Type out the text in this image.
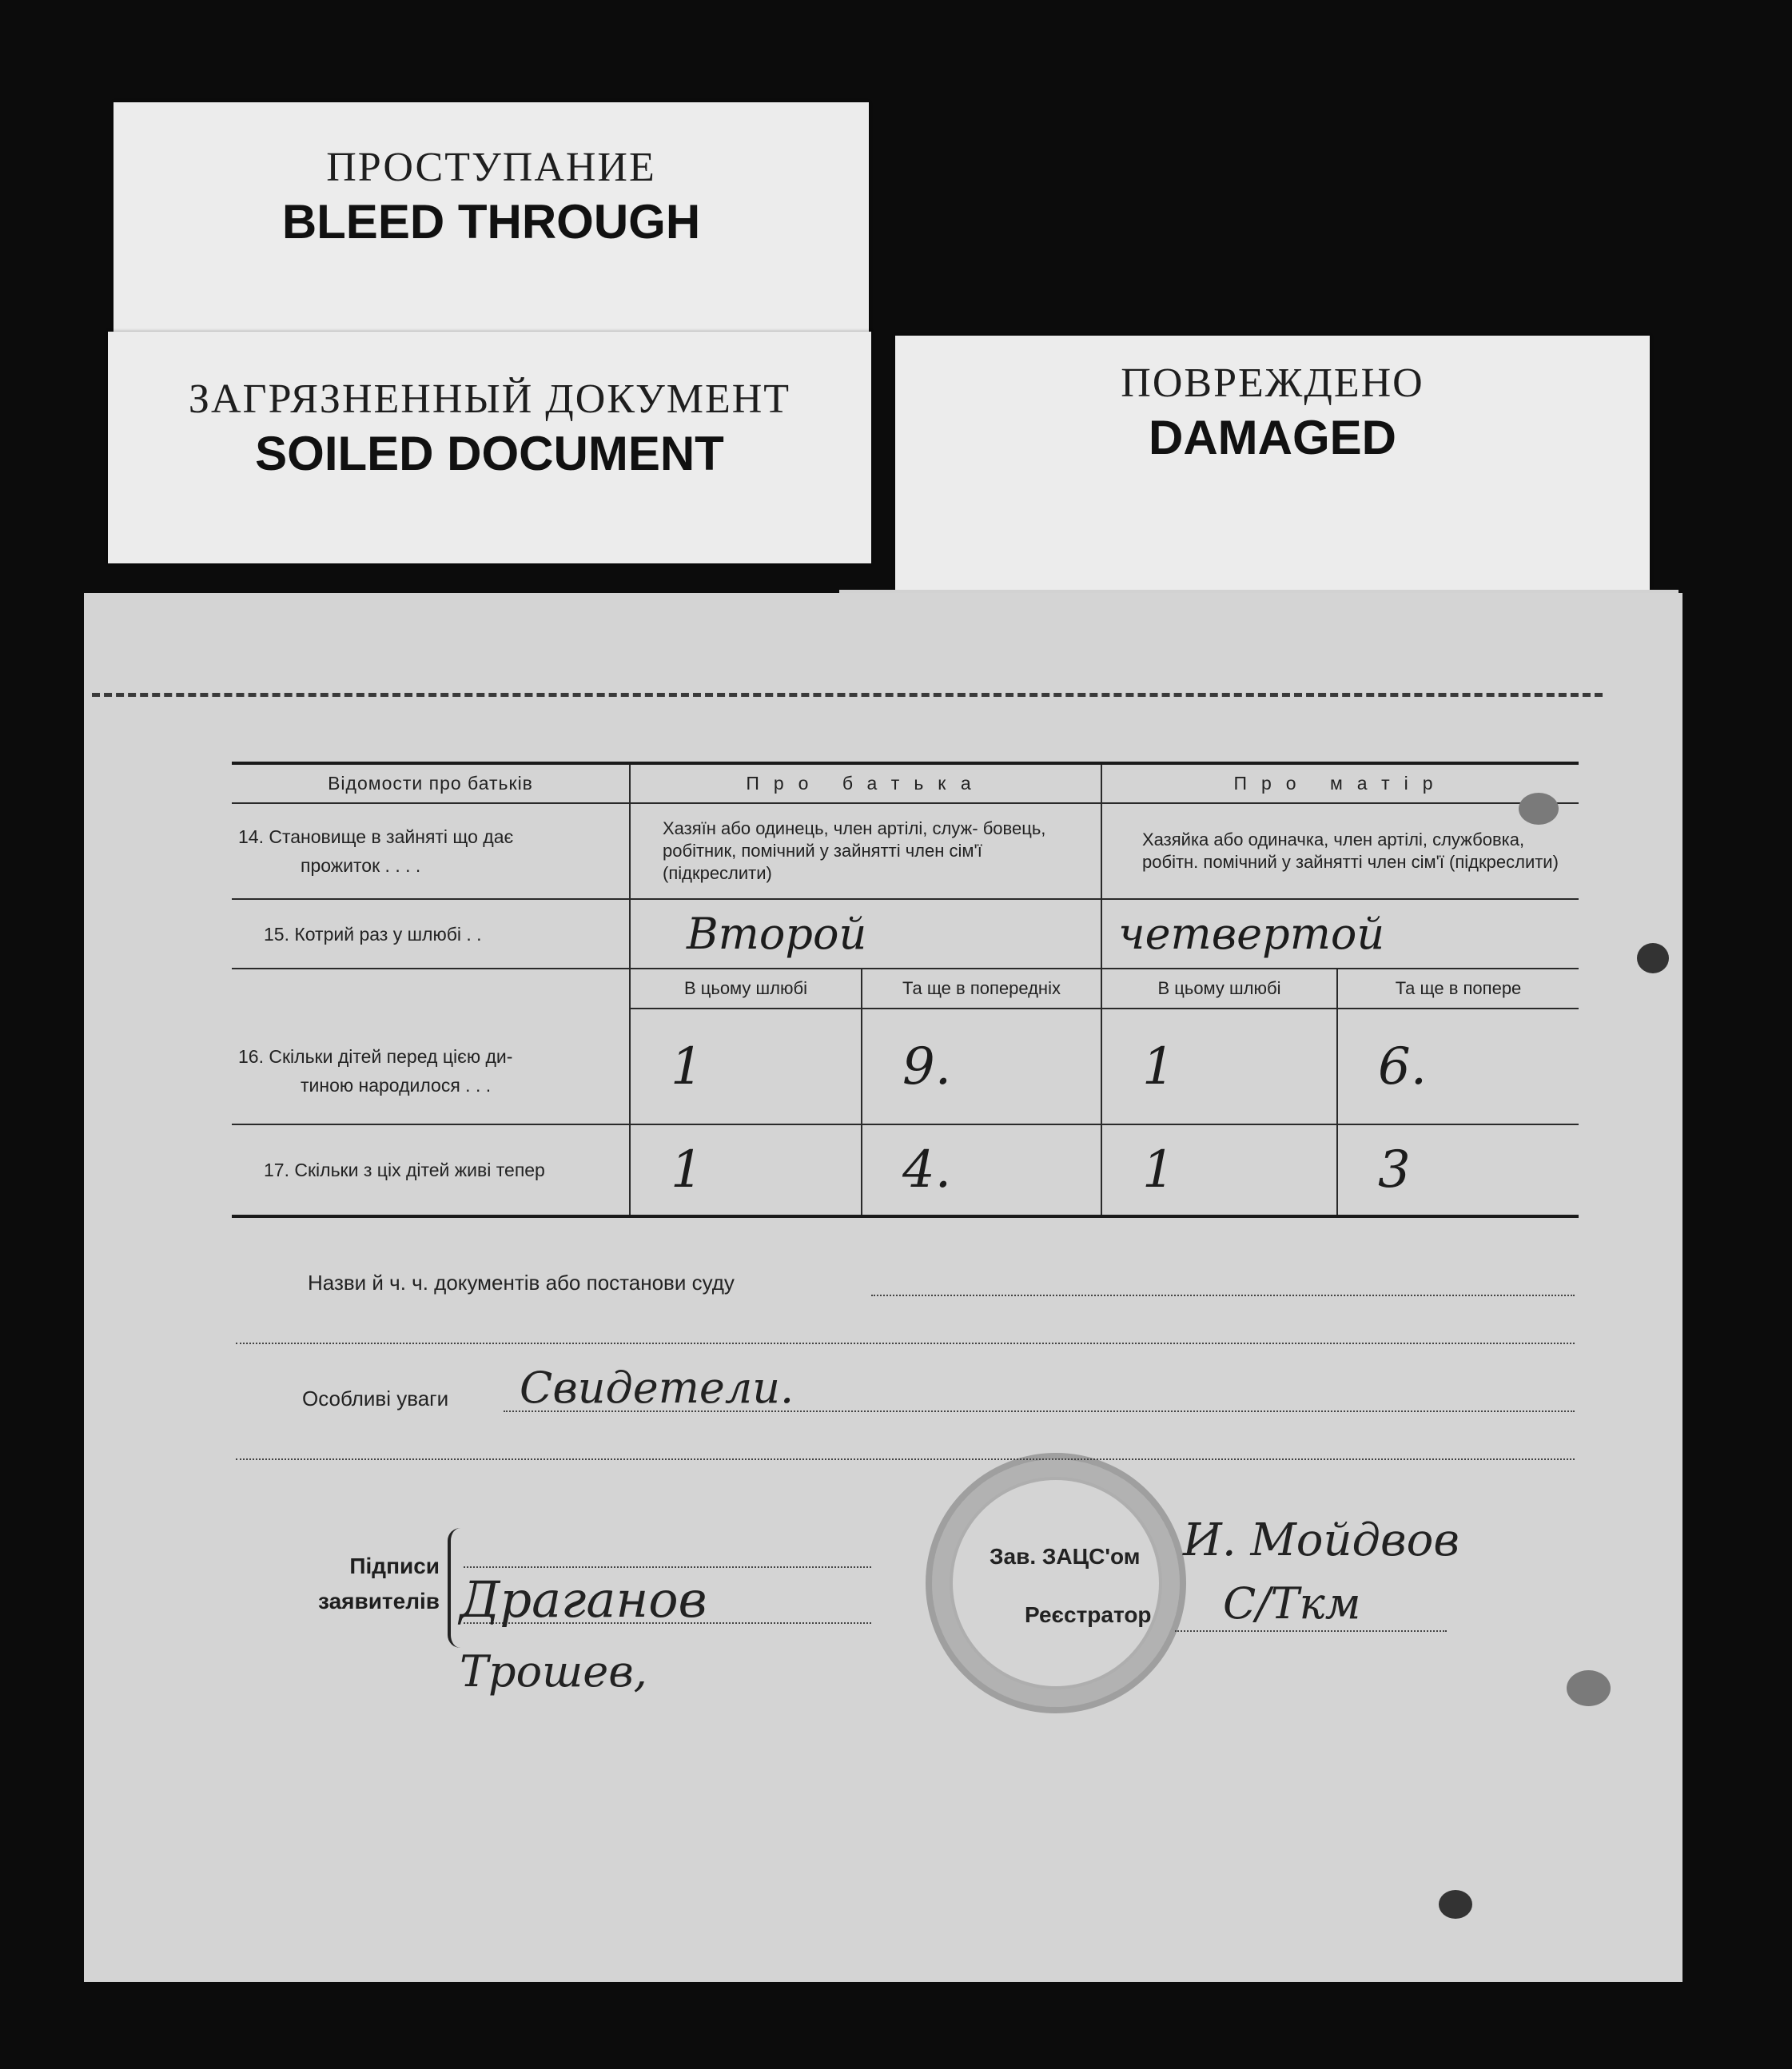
ПРОСТУПАНИЕ
BLEED THROUGH
ЗАГРЯЗНЕННЫЙ ДОКУМЕНТ
SOILED DOCUMENT
ПОВРЕЖДЕНО
DAMAGED
Відомости про батьків	Про батька		Про матір	

14. Становище в зайняті що дає
прожиток . . . .	Хазяїн або одинець, член артілі, служ- бовець, робітник, помічний у зайнятті член сім'ї (підкреслити)		Хазяйка або одиначка, член артілі, службовка, робітн. помічний у зайнятті член сім'ї (підкреслити)	
15. Котрий раз у шлюбі . .	Второй		четвертой	

16. Скільки дітей перед цією ди-
тиною народилося . . .	В цьому шлюбі	Та ще в попередніх	В цьому шлюбі	Та ще в попере
	1	9.	1	6.
17. Скільки з ціх дітей живі тепер	1	4.	1	3
Назви й ч. ч. документів або постанови суду
Особливі уваги Свидетели.
Підписи
заявителів Драганов
Трошев,
Зав. ЗАЦС'ом И. Мойдвов
Реєстратор С/Ткм
